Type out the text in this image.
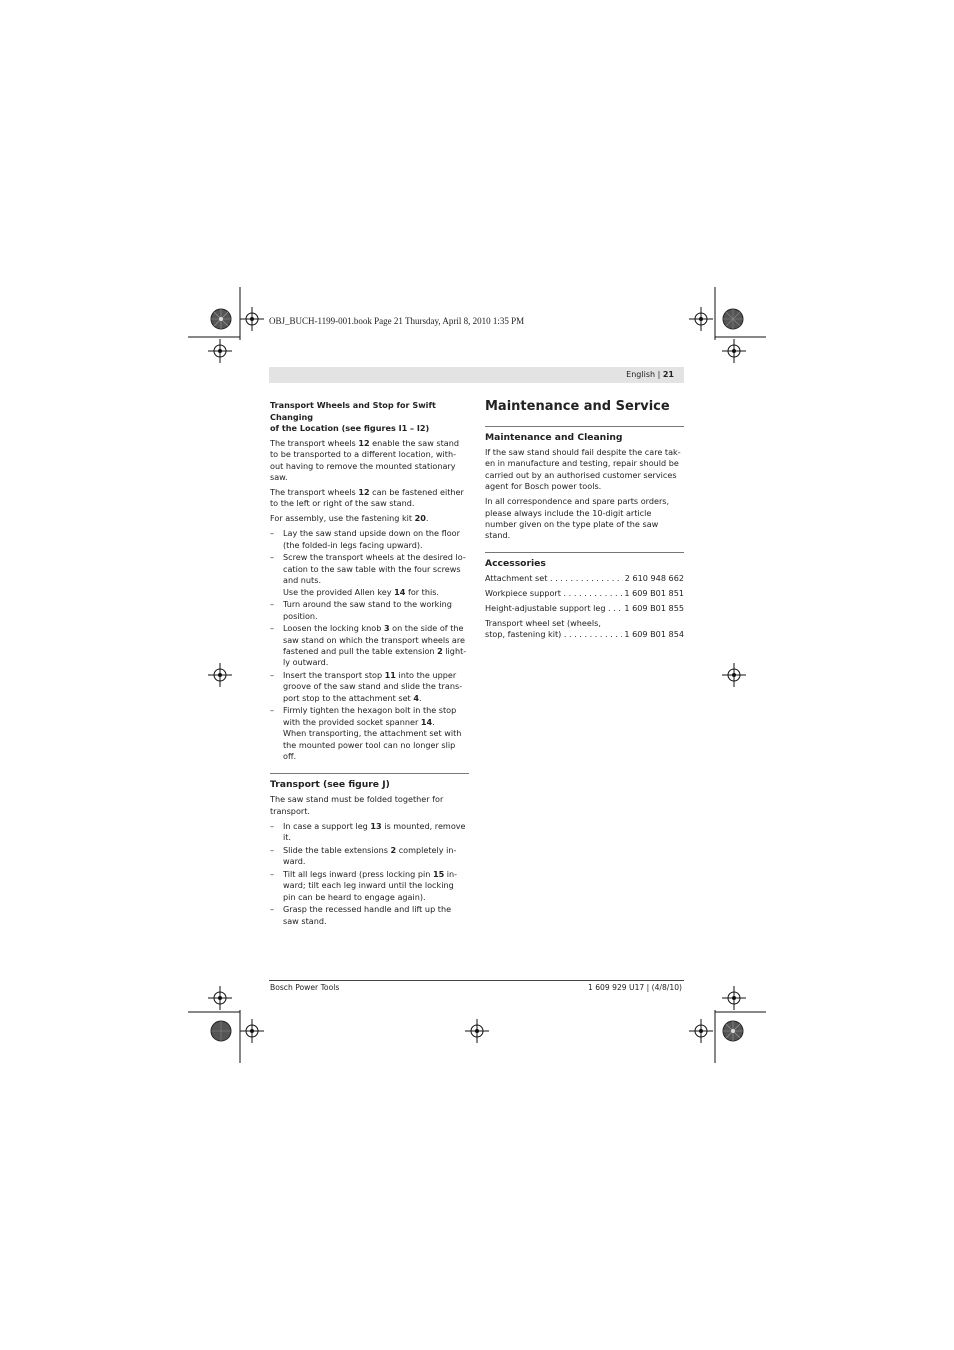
OBJ_BUCH-1199-001.book Page 21 Thursday, April 8, 2010 1:35 PM
English | 21
Transport Wheels and Stop for Swift Changing
of the Location (see figures I1 – I2)

The transport wheels 12 enable the saw stand
to be transported to a different location, with-
out having to remove the mounted stationary
saw.

The transport wheels 12 can be fastened either
to the left or right of the saw stand.

For assembly, use the fastening kit 20.

– Lay the saw stand upside down on the floor
(the folded-in legs facing upward).
– Screw the transport wheels at the desired lo-
cation to the saw table with the four screws
and nuts.
Use the provided Allen key 14 for this.
– Turn around the saw stand to the working
position.
– Loosen the locking knob 3 on the side of the
saw stand on which the transport wheels are
fastened and pull the table extension 2 light-
ly outward.
– Insert the transport stop 11 into the upper
groove of the saw stand and slide the trans-
port stop to the attachment set 4.
– Firmly tighten the hexagon bolt in the stop
with the provided socket spanner 14.
When transporting, the attachment set with
the mounted power tool can no longer slip
off.
Transport (see figure J)

The saw stand must be folded together for
transport.

– In case a support leg 13 is mounted, remove
it.
– Slide the table extensions 2 completely in-
ward.
– Tilt all legs inward (press locking pin 15 in-
ward; tilt each leg inward until the locking
pin can be heard to engage again).
– Grasp the recessed handle and lift up the
saw stand.
Maintenance and Service
Maintenance and Cleaning

If the saw stand should fail despite the care tak-
en in manufacture and testing, repair should be
carried out by an authorised customer services
agent for Bosch power tools.

In all correspondence and spare parts orders,
please always include the 10-digit article
number given on the type plate of the saw
stand.

Accessories
Attachment set . . .	2 610 948 662
Workpiece support . . .	1 609 B01 851
Height-adjustable support leg . . .	1 609 B01 855
Transport wheel set (wheels,
stop, fastening kit) . . .	1 609 B01 854
Bosch Power Tools	1 609 929 U17 | (4/8/10)
